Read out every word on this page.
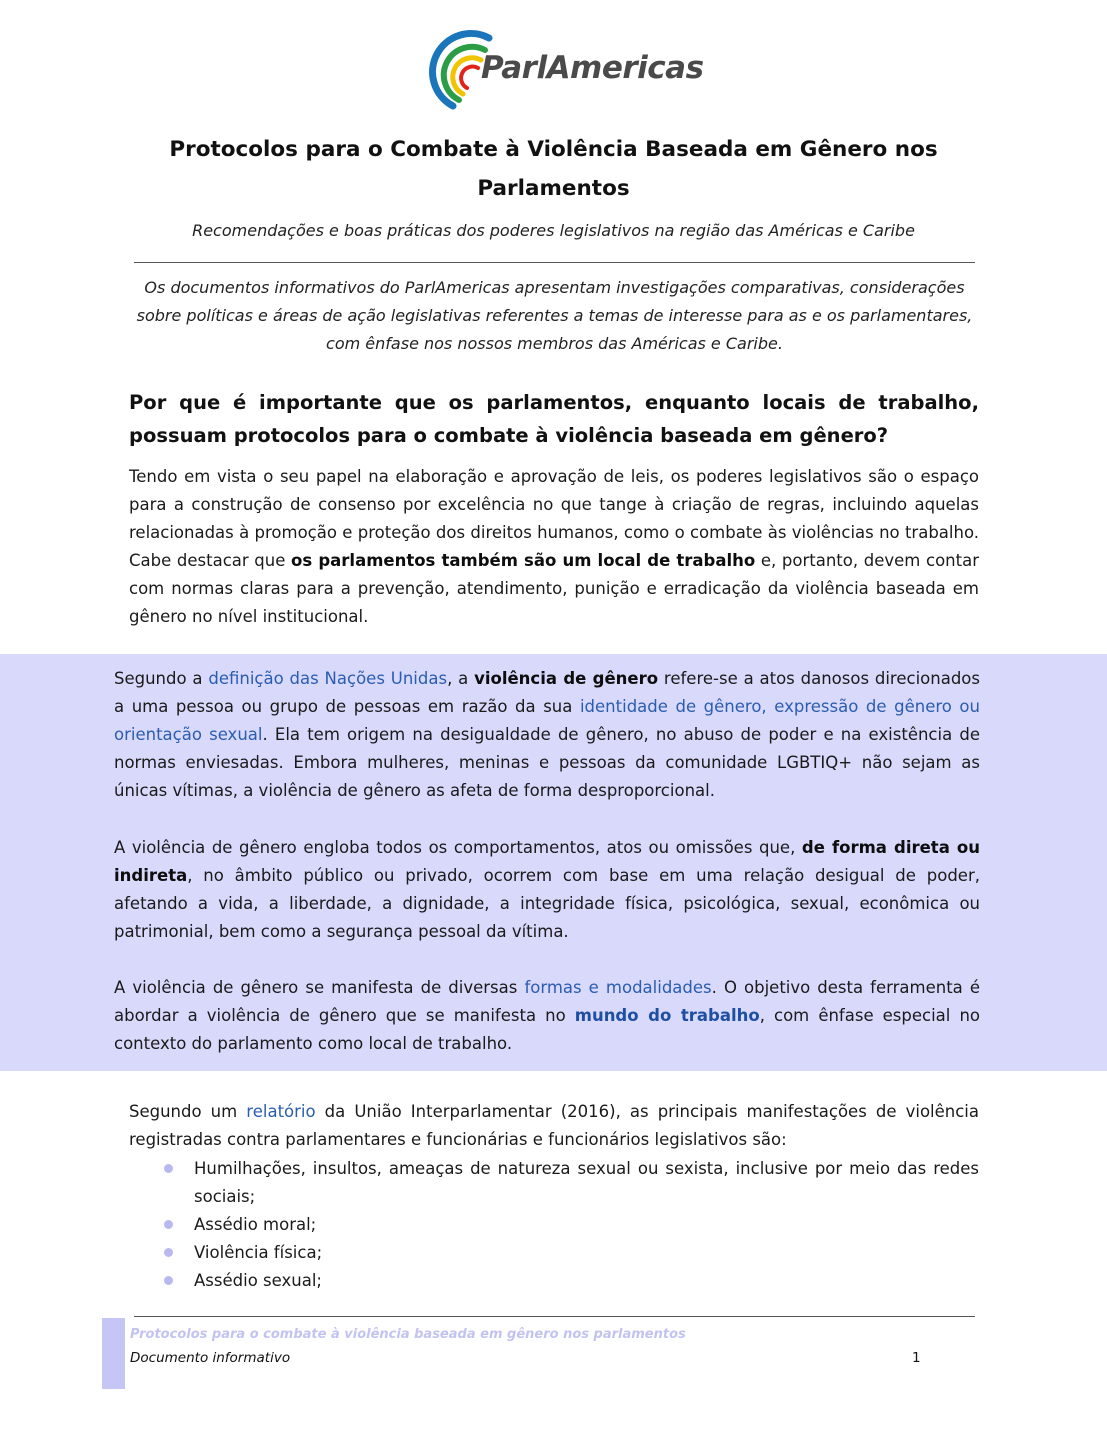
ParlAmericas
Protocolos para o Combate à Violência Baseada em Gênero nos Parlamentos
Recomendações e boas práticas dos poderes legislativos na região das Américas e Caribe
Os documentos informativos do ParlAmericas apresentam investigações comparativas, considerações sobre políticas e áreas de ação legislativas referentes a temas de interesse para as e os parlamentares, com ênfase nos nossos membros das Américas e Caribe.
Por que é importante que os parlamentos, enquanto locais de trabalho, possuam protocolos para o combate à violência baseada em gênero?
Tendo em vista o seu papel na elaboração e aprovação de leis, os poderes legislativos são o espaço para a construção de consenso por excelência no que tange à criação de regras, incluindo aquelas relacionadas à promoção e proteção dos direitos humanos, como o combate às violências no trabalho. Cabe destacar que os parlamentos também são um local de trabalho e, portanto, devem contar com normas claras para a prevenção, atendimento, punição e erradicação da violência baseada em gênero no nível institucional.
Segundo a definição das Nações Unidas, a violência de gênero refere-se a atos danosos direcionados a uma pessoa ou grupo de pessoas em razão da sua identidade de gênero, expressão de gênero ou orientação sexual. Ela tem origem na desigualdade de gênero, no abuso de poder e na existência de normas enviesadas. Embora mulheres, meninas e pessoas da comunidade LGBTIQ+ não sejam as únicas vítimas, a violência de gênero as afeta de forma desproporcional.
A violência de gênero engloba todos os comportamentos, atos ou omissões que, de forma direta ou indireta, no âmbito público ou privado, ocorrem com base em uma relação desigual de poder, afetando a vida, a liberdade, a dignidade, a integridade física, psicológica, sexual, econômica ou patrimonial, bem como a segurança pessoal da vítima.
A violência de gênero se manifesta de diversas formas e modalidades. O objetivo desta ferramenta é abordar a violência de gênero que se manifesta no mundo do trabalho, com ênfase especial no contexto do parlamento como local de trabalho.
Segundo um relatório da União Interparlamentar (2016), as principais manifestações de violência registradas contra parlamentares e funcionárias e funcionários legislativos são:
Humilhações, insultos, ameaças de natureza sexual ou sexista, inclusive por meio das redes sociais;
Assédio moral;
Violência física;
Assédio sexual;
Protocolos para o combate à violência baseada em gênero nos parlamentos
Documento informativo	1
